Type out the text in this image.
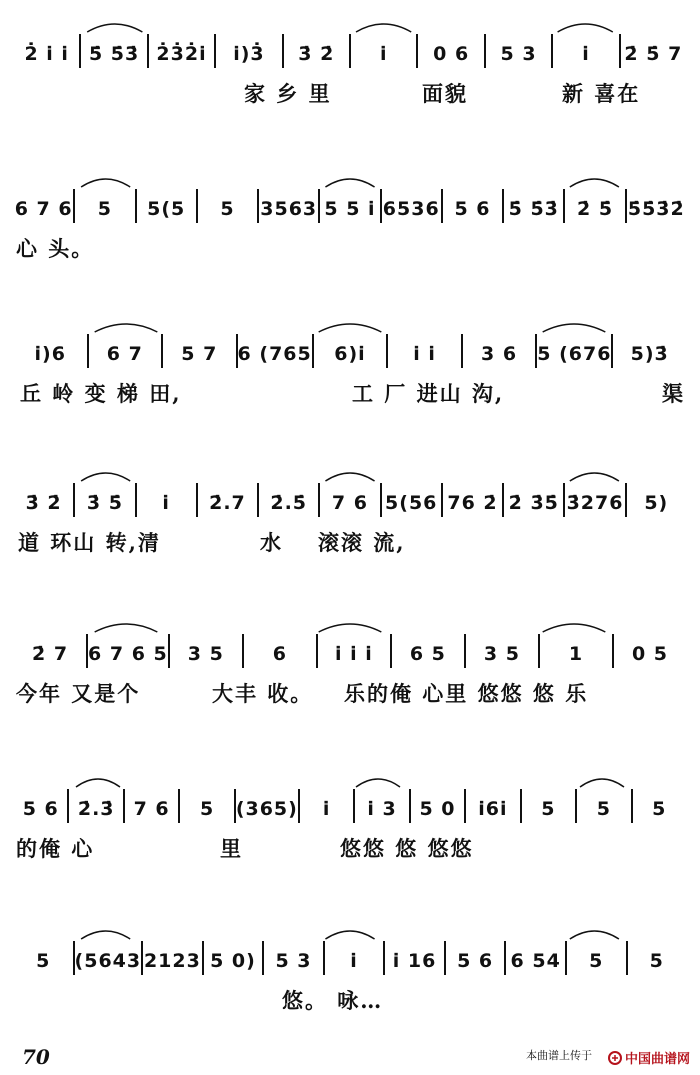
2̇ i̇ i̇	5̇ 5̇3̇ 2̇3̇2̇i̇	i̇)3̇	3̇ 2̇	i̇	0 6	5 3	i̇	2̇ 5̇ 7
家 乡 里	面貌	新 喜在
6 7 6	5	5(5	5	3563 5 5 i̇ 6536 5 6 5̇ 5̇3̇ 2̇ 5̇ 5̇5̇3̇2̇
心 头。
i̇)6	6 7	5 7	6 (765	6)i̇	i̇ i̇	3 6	5 (676	5)3̇
丘 岭 变 梯 田,	工 厂 进山 沟,	渠
3̇ 2̇	3̇ 5̇	i̇	2̇.7	2̇.5̇	7 6 5(56 76 2̇ 2̇ 3̇5̇ 3̇276	5)
道 环山 转,清	水 滚滚 流,
2̇ 7	6 7 6 5	3 5	6	i̇ i̇ i̇	6 5	3 5	1	0 5
今年 又是个	大丰 收。 乐的俺 心里 悠悠 悠 乐
5 6	2̇.3̇	7 6	5	(365)	i̇	i̇ 3	5 0	i̇6i̇	5	5	5
的俺 心	里	悠悠 悠 悠悠
5	(5643 2123 5 0)	5 3	i̇	i̇ 16	5 6 6 54	5	5
悠。 咏…
70	本曲谱上传于	中国曲谱网
